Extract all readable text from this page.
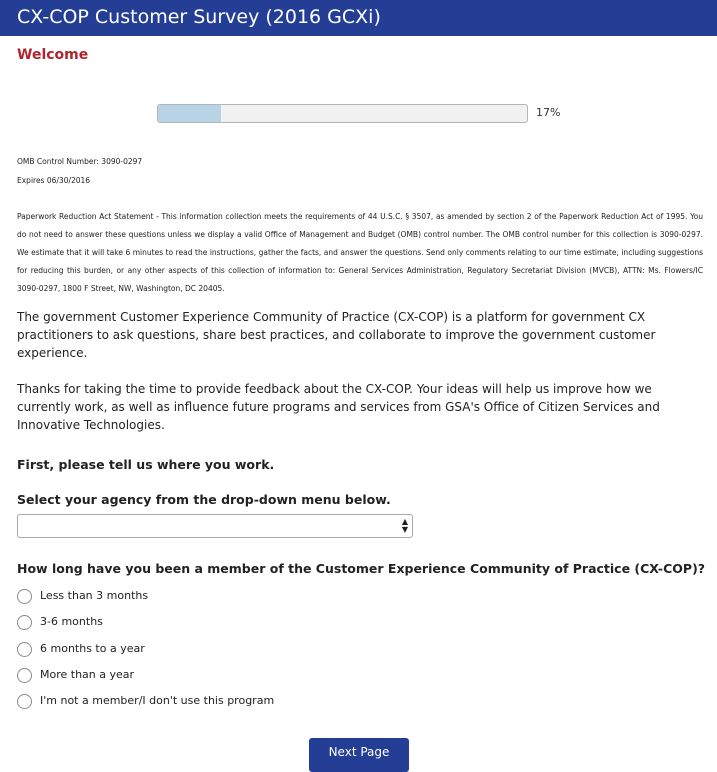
CX-COP Customer Survey (2016 GCXi)
Welcome
17%
OMB Control Number: 3090-0297
Expires 06/30/2016
Paperwork Reduction Act Statement - This information collection meets the requirements of 44 U.S.C. § 3507, as amended by section 2 of the Paperwork Reduction Act of 1995. You do not need to answer these questions unless we display a valid Office of Management and Budget (OMB) control number. The OMB control number for this collection is 3090-0297. We estimate that it will take 6 minutes to read the instructions, gather the facts, and answer the questions. Send only comments relating to our time estimate, including suggestions for reducing this burden, or any other aspects of this collection of information to: General Services Administration, Regulatory Secretariat Division (MVCB), ATTN: Ms. Flowers/IC 3090-0297, 1800 F Street, NW, Washington, DC 20405.
The government Customer Experience Community of Practice (CX-COP) is a platform for government CX practitioners to ask questions, share best practices, and collaborate to improve the government customer experience.
Thanks for taking the time to provide feedback about the CX-COP. Your ideas will help us improve how we currently work, as well as influence future programs and services from GSA's Office of Citizen Services and Innovative Technologies.
First, please tell us where you work.
Select your agency from the drop-down menu below.
▲
▼
How long have you been a member of the Customer Experience Community of Practice (CX-COP)?
Less than 3 months
3-6 months
6 months to a year
More than a year
I'm not a member/I don't use this program
Next Page
